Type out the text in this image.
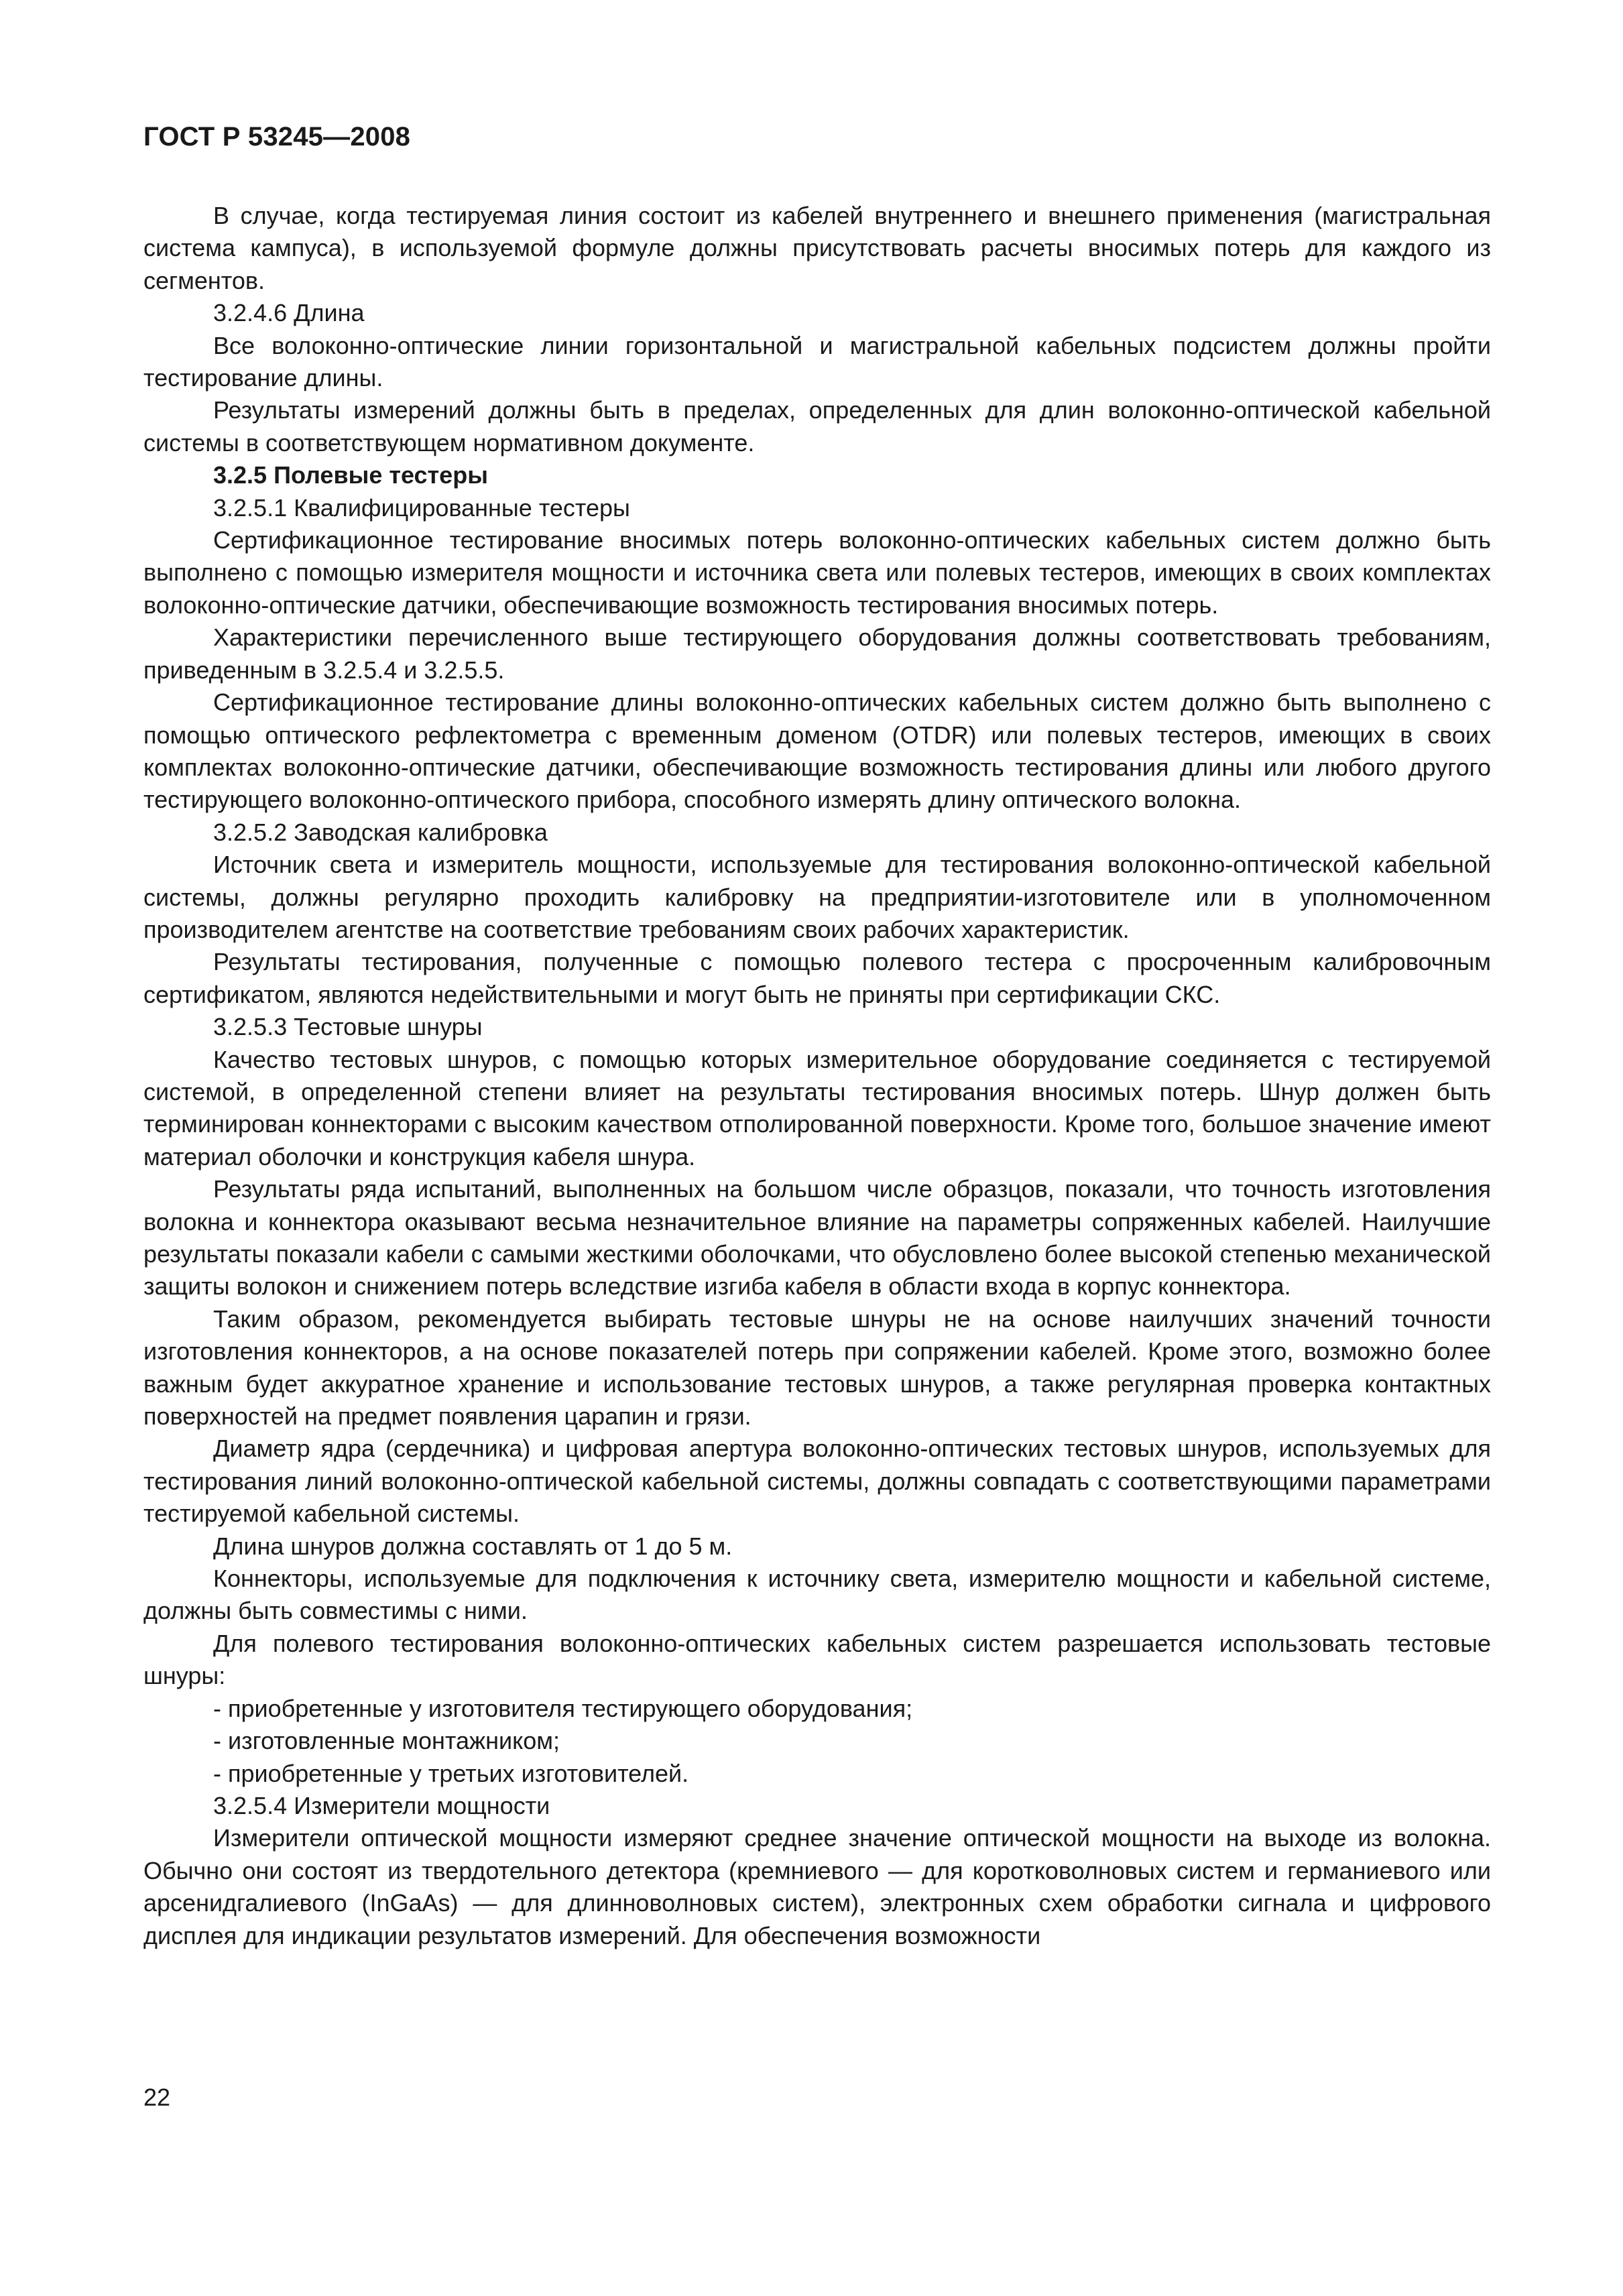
ГОСТ Р 53245—2008

В случае, когда тестируемая линия состоит из кабелей внутреннего и внешнего применения (магистральная система кампуса), в используемой формуле должны присутствовать расчеты вносимых потерь для каждого из сегментов.

3.2.4.6 Длина

Все волоконно-оптические линии горизонтальной и магистральной кабельных подсистем должны пройти тестирование длины.

Результаты измерений должны быть в пределах, определенных для длин волоконно-оптической кабельной системы в соответствующем нормативном документе.

3.2.5 Полевые тестеры

3.2.5.1 Квалифицированные тестеры

Сертификационное тестирование вносимых потерь волоконно-оптических кабельных систем должно быть выполнено с помощью измерителя мощности и источника света или полевых тестеров, имеющих в своих комплектах волоконно-оптические датчики, обеспечивающие возможность тестирования вносимых потерь.

Характеристики перечисленного выше тестирующего оборудования должны соответствовать требованиям, приведенным в 3.2.5.4 и 3.2.5.5.

Сертификационное тестирование длины волоконно-оптических кабельных систем должно быть выполнено с помощью оптического рефлектометра с временным доменом (OTDR) или полевых тестеров, имеющих в своих комплектах волоконно-оптические датчики, обеспечивающие возможность тестирования длины или любого другого тестирующего волоконно-оптического прибора, способного измерять длину оптического волокна.

3.2.5.2 Заводская калибровка

Источник света и измеритель мощности, используемые для тестирования волоконно-оптической кабельной системы, должны регулярно проходить калибровку на предприятии-изготовителе или в уполномоченном производителем агентстве на соответствие требованиям своих рабочих характеристик.

Результаты тестирования, полученные с помощью полевого тестера с просроченным калибровочным сертификатом, являются недействительными и могут быть не приняты при сертификации СКС.

3.2.5.3 Тестовые шнуры

Качество тестовых шнуров, с помощью которых измерительное оборудование соединяется с тестируемой системой, в определенной степени влияет на результаты тестирования вносимых потерь. Шнур должен быть терминирован коннекторами с высоким качеством отполированной поверхности. Кроме того, большое значение имеют материал оболочки и конструкция кабеля шнура.

Результаты ряда испытаний, выполненных на большом числе образцов, показали, что точность изготовления волокна и коннектора оказывают весьма незначительное влияние на параметры сопряженных кабелей. Наилучшие результаты показали кабели с самыми жесткими оболочками, что обусловлено более высокой степенью механической защиты волокон и снижением потерь вследствие изгиба кабеля в области входа в корпус коннектора.

Таким образом, рекомендуется выбирать тестовые шнуры не на основе наилучших значений точности изготовления коннекторов, а на основе показателей потерь при сопряжении кабелей. Кроме этого, возможно более важным будет аккуратное хранение и использование тестовых шнуров, а также регулярная проверка контактных поверхностей на предмет появления царапин и грязи.

Диаметр ядра (сердечника) и цифровая апертура волоконно-оптических тестовых шнуров, используемых для тестирования линий волоконно-оптической кабельной системы, должны совпадать с соответствующими параметрами тестируемой кабельной системы.

Длина шнуров должна составлять от 1 до 5 м.

Коннекторы, используемые для подключения к источнику света, измерителю мощности и кабельной системе, должны быть совместимы с ними.

Для полевого тестирования волоконно-оптических кабельных систем разрешается использовать тестовые шнуры:

- приобретенные у изготовителя тестирующего оборудования;

- изготовленные монтажником;

- приобретенные у третьих изготовителей.

3.2.5.4 Измерители мощности

Измерители оптической мощности измеряют среднее значение оптической мощности на выходе из волокна. Обычно они состоят из твердотельного детектора (кремниевого — для коротковолновых систем и германиевого или арсенидгалиевого (InGaAs) — для длинноволновых систем), электронных схем обработки сигнала и цифрового дисплея для индикации результатов измерений. Для обеспечения возможности

22
